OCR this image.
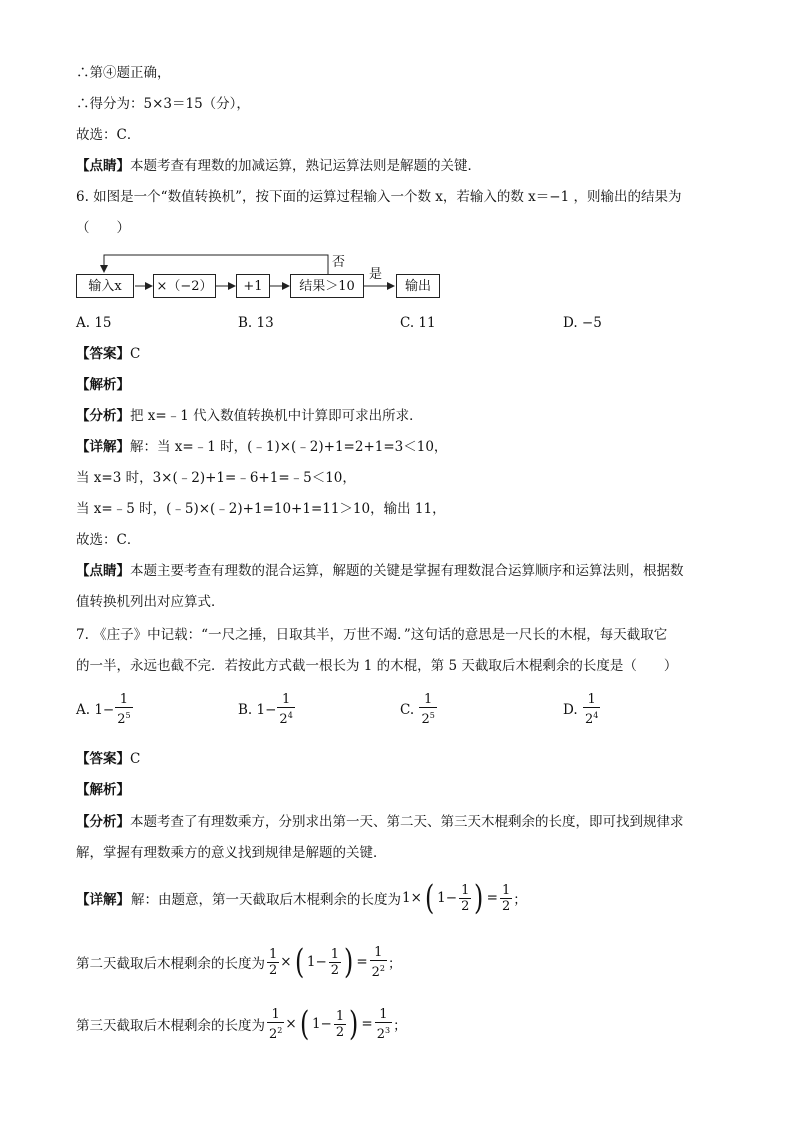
∴第④题正确，
∴得分为：5×3＝15（分），
故选：C．
【点睛】本题考查有理数的加减运算，熟记运算法则是解题的关键．
6. 如图是一个“数值转换机”，按下面的运算过程输入一个数 x，若输入的数 x＝−1 ，则输出的结果为
（　　）
输入x	×（−2）	+1	结果＞10	输出
否
是
A. 15	B. 13	C. 11	D. −5
【答案】C
【解析】
【分析】把 x=﹣1 代入数值转换机中计算即可求出所求．
【详解】解：当 x=﹣1 时，(﹣1)×(﹣2)+1=2+1=3＜10，
当 x=3 时，3×(﹣2)+1=﹣6+1=﹣5＜10，
当 x=﹣5 时，(﹣5)×(﹣2)+1=10+1=11＞10，输出 11，
故选：C．
【点睛】本题主要考查有理数的混合运算，解题的关键是掌握有理数混合运算顺序和运算法则，根据数
值转换机列出对应算式．
7. 《庄子》中记载：“一尺之捶，日取其半，万世不竭．”这句话的意思是一尺长的木棍，每天截取它
的一半，永远也截不完．若按此方式截一根长为 1 的木棍，第 5 天截取后木棍剩余的长度是（　　）
A.
$1- \frac{1}{2^5}$	B.
$1- \frac{1}{2^4}$	C.
$\frac{1}{2^5}$	D.
$\frac{1}{2^4}$
【答案】C
【解析】
【分析】本题考查了有理数乘方，分别求出第一天、第二天、第三天木棍剩余的长度，即可找到规律求
解，掌握有理数乘方的意义找到规律是解题的关键．
【详解】 解：由题意，第一天截取后木棍剩余的长度为 1× ( $1- \frac{1}{2}$ ) = $\frac{1}{2}$ ；
第二天截取后木棍剩余的长度为 $\frac{1}{2}$ × ( $1- \frac{1}{2}$ ) = $\frac{1}{2^2}$ ；
第三天截取后木棍剩余的长度为 $\frac{1}{2^2}$ × ( $1- \frac{1}{2}$ ) = $\frac{1}{2^3}$ ；
